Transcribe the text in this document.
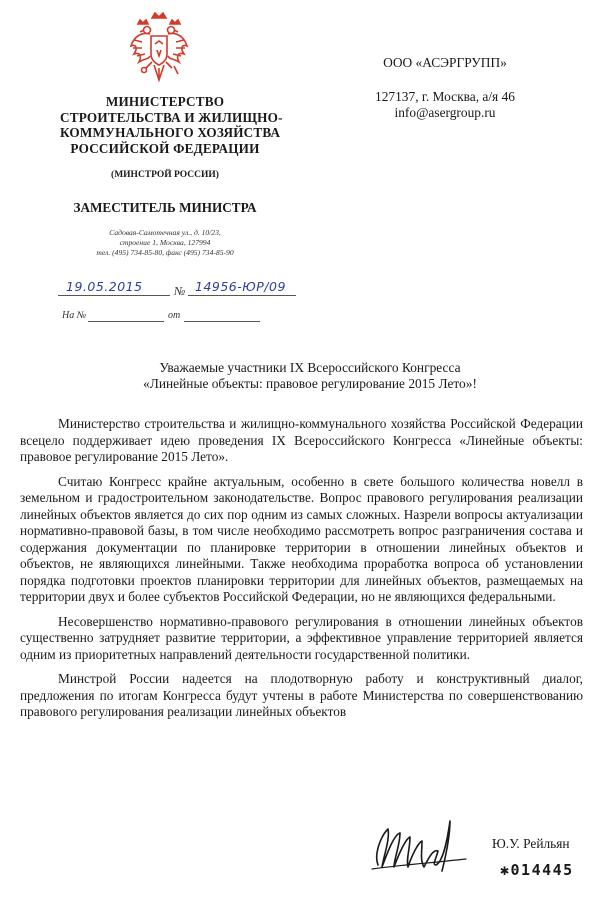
МИНИСТЕРСТВО
СТРОИТЕЛЬСТВА И ЖИЛИЩНО-
КОММУНАЛЬНОГО ХОЗЯЙСТВА
РОССИЙСКОЙ ФЕДЕРАЦИИ
(МИНСТРОЙ РОССИИ)
ЗАМЕСТИТЕЛЬ МИНИСТРА
Садовая-Самотечная ул., д. 10/23,
строение 1, Москва, 127994
тел. (495) 734-85-80, факс (495) 734-85-90
19.05.2015	№ 14956-ЮР/09
На №	от
ООО «АСЭРГРУПП»
127137, г. Москва, а/я 46
info@asergroup.ru
Уважаемые участники IX Всероссийского Конгресса
«Линейные объекты: правовое регулирование 2015 Лето»!

Министерство строительства и жилищно-коммунального хозяйства Российской Федерации всецело поддерживает идею проведения IX Всероссийского Конгресса «Линейные объекты: правовое регулирование 2015 Лето».

Считаю Конгресс крайне актуальным, особенно в свете большого количества новелл в земельном и градостроительном законодательстве. Вопрос правового регулирования реализации линейных объектов является до сих пор одним из самых сложных. Назрели вопросы актуализации нормативно-правовой базы, в том числе необходимо рассмотреть вопрос разграничения состава и содержания документации по планировке территории в отношении линейных объектов и объектов, не являющихся линейными. Также необходима проработка вопроса об установлении порядка подготовки проектов планировки территории для линейных объектов, размещаемых на территории двух и более субъектов Российской Федерации, но не являющихся федеральными.

Несовершенство нормативно-правового регулирования в отношении линейных объектов существенно затрудняет развитие территории, а эффективное управление территорией является одним из приоритетных направлений деятельности государственной политики.

Минстрой России надеется на плодотворную работу и конструктивный диалог, предложения по итогам Конгресса будут учтены в работе Министерства по совершенствованию правового регулирования реализации линейных объектов

Ю.У. Рейльян
✱014445
